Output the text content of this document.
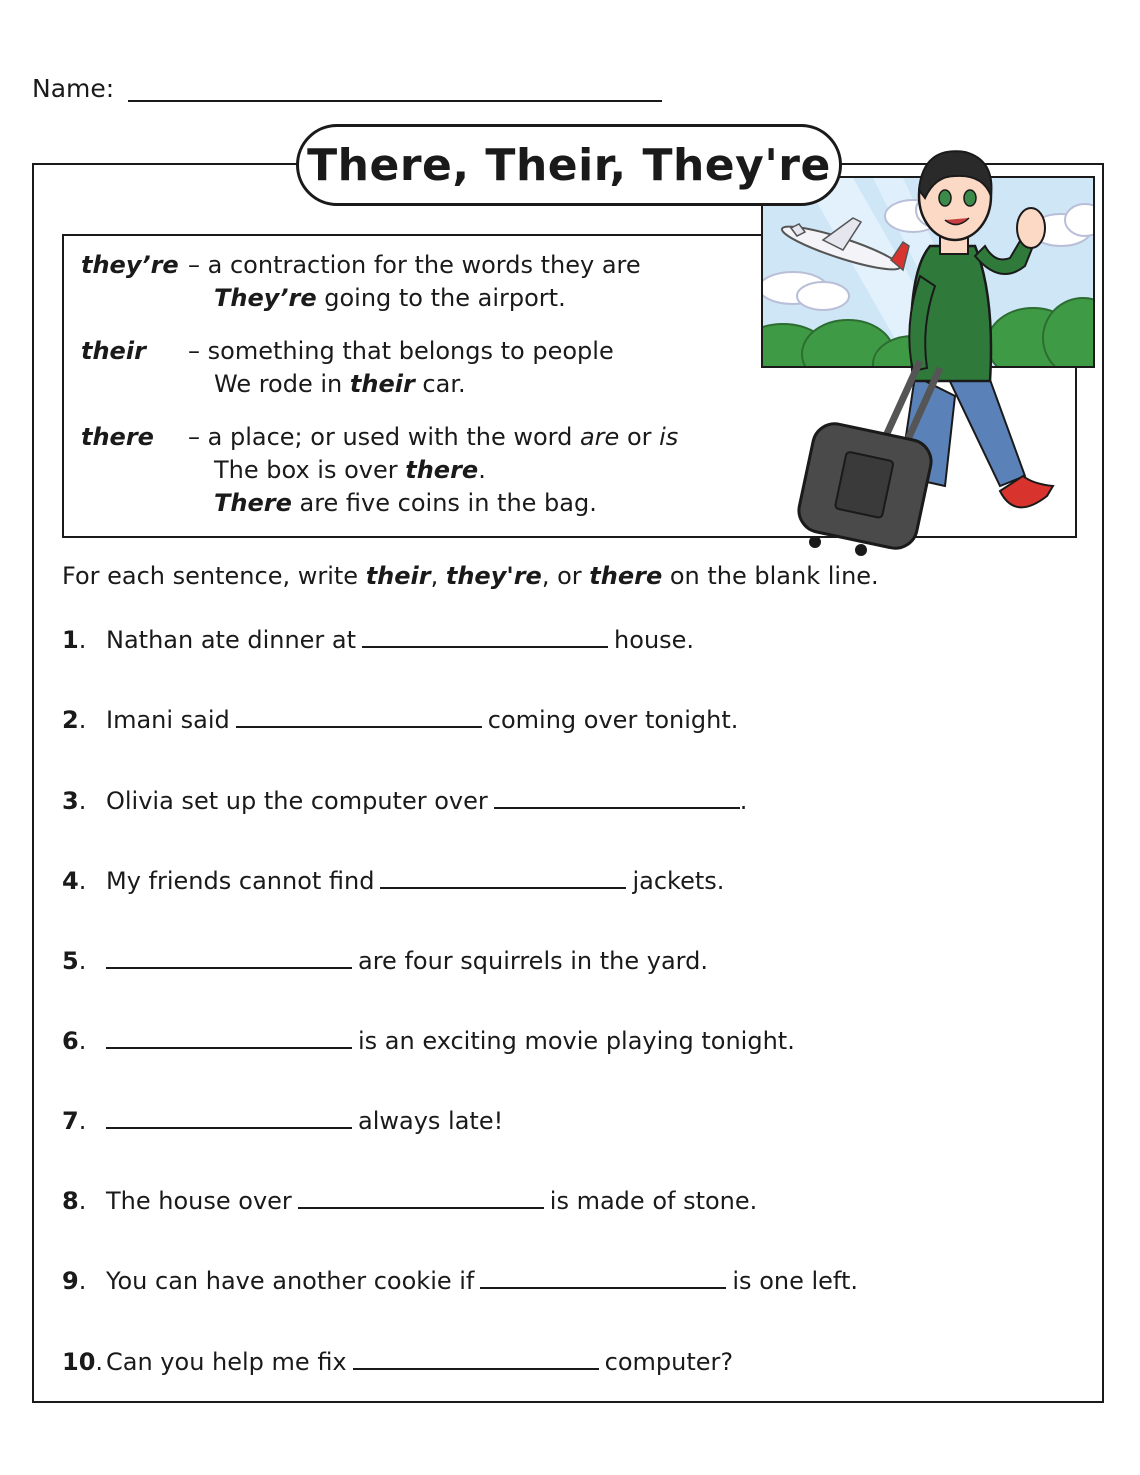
Name:
they’re – a contraction for the words they are
They’re going to the airport.
their – something that belongs to people
We rode in their car.
there – a place; or used with the word are or is
The box is over there.
There are five coins in the bag.
There, Their, They're
For each sentence, write their, they're, or there on the blank line.
1. Nathan ate dinner at	house.
2. Imani said	coming over tonight.
3. Olivia set up the computer over	.
4. My friends cannot find	jackets.
5.	are four squirrels in the yard.
6.	is an exciting movie playing tonight.
7.	always late!
8. The house over	is made of stone.
9. You can have another cookie if	is one left.
10. Can you help me fix	computer?
